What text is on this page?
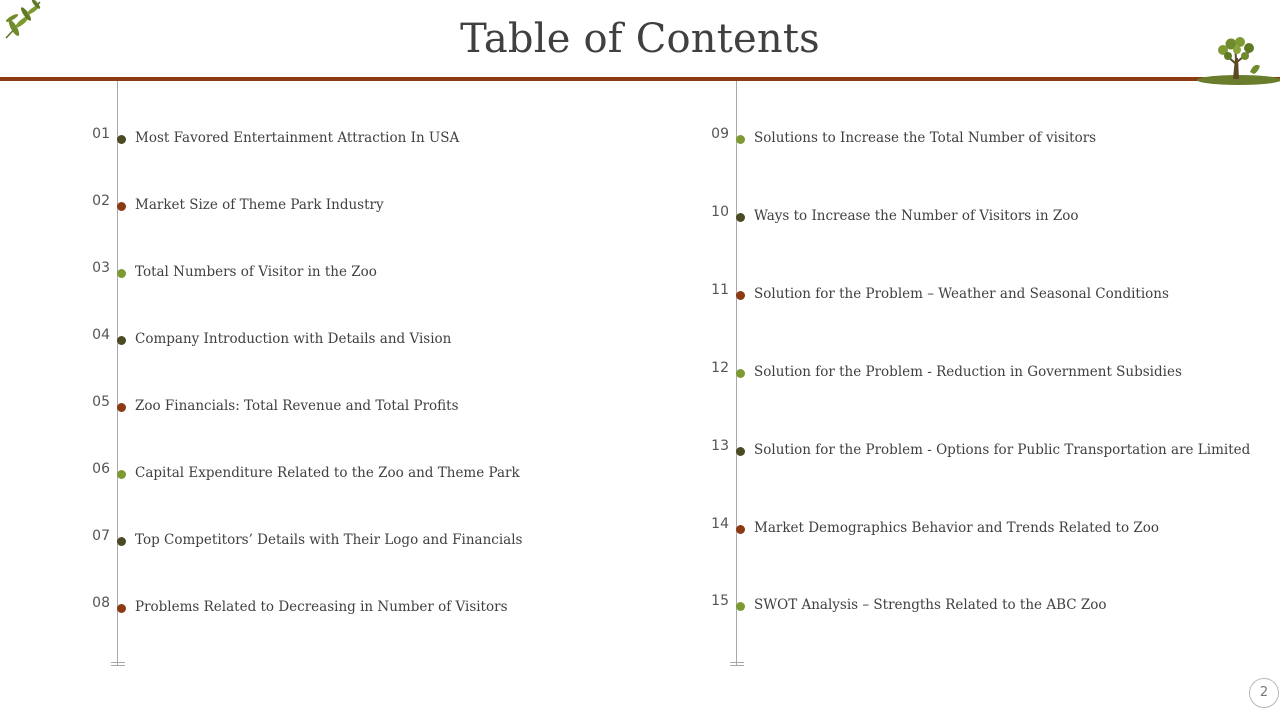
Table of Contents
01 Most Favored Entertainment Attraction In USA
02 Market Size of Theme Park Industry
03 Total Numbers of Visitor in the Zoo
04 Company Introduction with Details and Vision
05 Zoo Financials: Total Revenue and Total Profits
06 Capital Expenditure Related to the Zoo and Theme Park
07 Top Competitors’ Details with Their Logo and Financials
08 Problems Related to Decreasing in Number of Visitors
09 Solutions to Increase the Total Number of visitors
10 Ways to Increase the Number of Visitors in Zoo
11 Solution for the Problem – Weather and Seasonal Conditions
12 Solution for the Problem - Reduction in Government Subsidies
13 Solution for the Problem - Options for Public Transportation are Limited
14 Market Demographics Behavior and Trends Related to Zoo
15 SWOT Analysis – Strengths Related to the ABC Zoo
2
